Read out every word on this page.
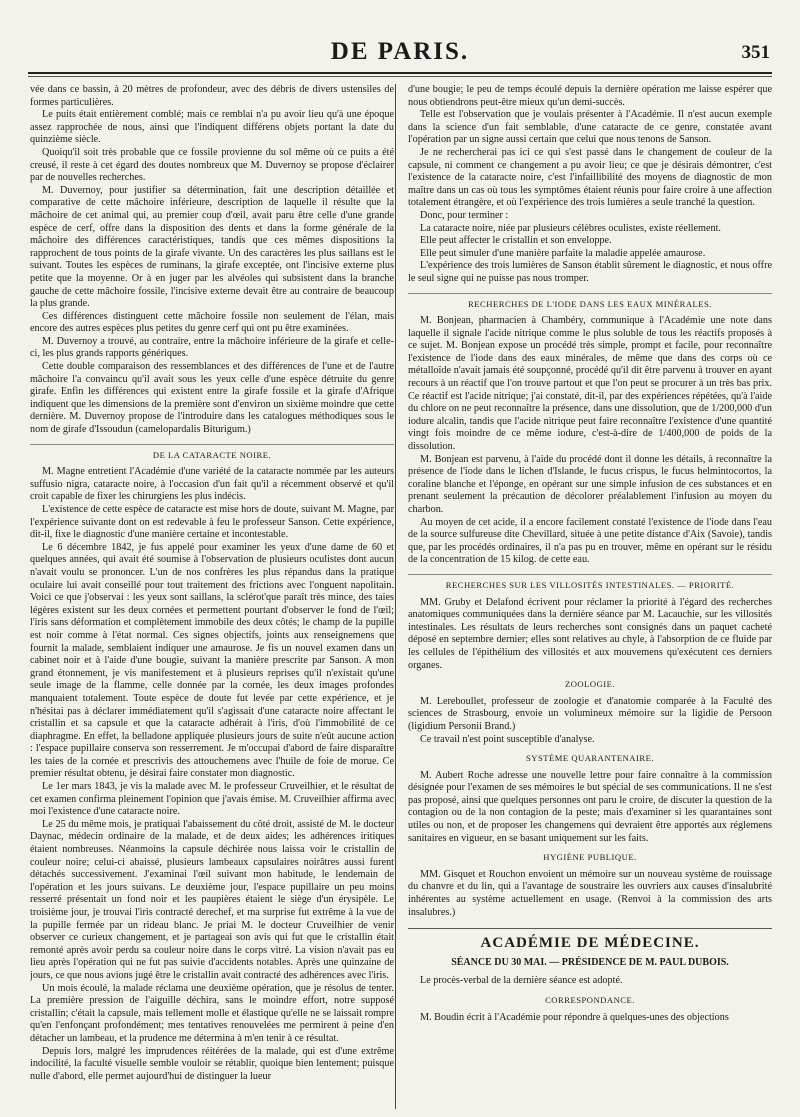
DE PARIS.	351

vée dans ce bassin, à 20 mètres de profondeur, avec des débris de divers ustensiles de formes particulières.

Le puits était entièrement comblé; mais ce remblai n'a pu avoir lieu qu'à une époque assez rapprochée de nous, ainsi que l'indiquent différens objets portant la date du quinzième siècle.

Quoiqu'il soit très probable que ce fossile provienne du sol même où ce puits a été creusé, il reste à cet égard des doutes nombreux que M. Duvernoy se propose d'éclairer par de nouvelles recherches.

M. Duvernoy, pour justifier sa détermination, fait une description détaillée et comparative de cette mâchoire inférieure, description de laquelle il résulte que la mâchoire de cet animal qui, au premier coup d'œil, avait paru être celle d'une grande espèce de cerf, offre dans la disposition des dents et dans la forme générale de la mâchoire des différences caractéristiques, tandis que ces mêmes dispositions la rapprochent de tous points de la girafe vivante. Un des caractères les plus saillans est le suivant. Toutes les espèces de ruminans, la girafe exceptée, ont l'incisive externe plus petite que la moyenne. Or à en juger par les alvéoles qui subsistent dans la branche gauche de cette mâchoire fossile, l'incisive externe devait être au contraire de beaucoup la plus grande.

Ces différences distinguent cette mâchoire fossile non seulement de l'élan, mais encore des autres espèces plus petites du genre cerf qui ont pu être examinées.

M. Duvernoy a trouvé, au contraire, entre la mâchoire inférieure de la girafe et celle-ci, les plus grands rapports génériques.

Cette double comparaison des ressemblances et des différences de l'une et de l'autre mâchoire l'a convaincu qu'il avait sous les yeux celle d'une espèce détruite du genre girafe. Enfin les différences qui existent entre la girafe fossile et la girafe d'Afrique indiquent que les dimensions de la première sont d'environ un sixième moindre que cette dernière. M. Duvernoy propose de l'introduire dans les catalogues méthodiques sous le nom de girafe d'Issoudun (camelopardalis Biturigum.)

DE LA CATARACTE NOIRE.

M. Magne entretient l'Académie d'une variété de la cataracte nommée par les auteurs suffusio nigra, cataracte noire, à l'occasion d'un fait qu'il a récemment observé et qu'il croit capable de fixer les chirurgiens les plus indécis.

L'existence de cette espèce de cataracte est mise hors de doute, suivant M. Magne, par l'expérience suivante dont on est redevable à feu le professeur Sanson. Cette expérience, dit-il, fixe le diagnostic d'une manière certaine et incontestable.

Le 6 décembre 1842, je fus appelé pour examiner les yeux d'une dame de 60 et quelques années, qui avait été soumise à l'observation de plusieurs oculistes dont aucun n'avait voulu se prononcer. L'un de nos confrères les plus répandus dans la pratique oculaire lui avait conseillé pour tout traitement des frictions avec l'onguent napolitain. Voici ce que j'observai : les yeux sont saillans, la sclérot'que paraît très mince, des taies légères existent sur les deux cornées et permettent pourtant d'observer le fond de l'œil; l'iris sans déformation et complètement immobile des deux côtés; le champ de la pupille est noir comme à l'état normal. Ces signes objectifs, joints aux renseignemens que fournit la malade, semblaient indiquer une amaurose. Je fis un nouvel examen dans un cabinet noir et à l'aide d'une bougie, suivant la manière prescrite par Sanson. A mon grand étonnement, je vis manifestement et à plusieurs reprises qu'il n'existait qu'une seule image de la flamme, celle donnée par la cornée, les deux images profondes manquaient totalement. Toute espèce de doute fut levée par cette expérience, et je n'hésitai pas à déclarer immédiatement qu'il s'agissait d'une cataracte noire affectant le cristallin et sa capsule et que la cataracte adhérait à l'iris, d'où l'immobilité de ce diaphragme. En effet, la belladone appliquée plusieurs jours de suite n'eût aucune action : l'espace pupillaire conserva son resserrement. Je m'occupai d'abord de faire disparaître les taies de la cornée et prescrivis des attouchemens avec l'huile de foie de morue. Ce premier résultat obtenu, je désirai faire constater mon diagnostic.

Le 1er mars 1843, je vis la malade avec M. le professeur Cruveilhier, et le résultat de cet examen confirma pleinement l'opinion que j'avais émise. M. Cruveilhier affirma avec moi l'existence d'une cataracte noire.

Le 25 du même mois, je pratiquai l'abaissement du côté droit, assisté de M. le docteur Daynac, médecin ordinaire de la malade, et de deux aides; les adhérences iritiques étaient nombreuses. Néanmoins la capsule déchirée nous laissa voir le cristallin de couleur noire; celui-ci abaissé, plusieurs lambeaux capsulaires noirâtres aussi furent détachés successivement. J'examinai l'œil suivant mon habitude, le lendemain de l'opération et les jours suivans. Le deuxième jour, l'espace pupillaire un peu moins resserré présentait un fond noir et les paupières étaient le siège d'un érysipèle. Le troisième jour, je trouvai l'iris contracté derechef, et ma surprise fut extrême à la vue de la pupille fermée par un rideau blanc. Je priai M. le docteur Cruveilhier de venir observer ce curieux changement, et je partageai son avis qui fut que le cristallin était remonté après avoir perdu sa couleur noire dans le corps vitré. La vision n'avait pas eu lieu après l'opération qui ne fut pas suivie d'accidents notables. Après une quinzaine de jours, ce que nous avions jugé être le cristallin avait contracté des adhérences avec l'iris.

Un mois écoulé, la malade réclama une deuxième opération, que je résolus de tenter. La première pression de l'aiguille déchira, sans le moindre effort, notre supposé cristallin; c'était la capsule, mais tellement molle et élastique qu'elle ne se laissait rompre qu'en l'enfonçant profondément; mes tentatives renouvelées me permirent à peine d'en détacher un lambeau, et la prudence me détermina à m'en tenir à ce résultat.

Depuis lors, malgré les imprudences réitérées de la malade, qui est d'une extrême indocilité, la faculté visuelle semble vouloir se rétablir, quoique bien lentement; puisque nulle d'abord, elle permet aujourd'hui de distinguer la lueur

d'une bougie; le peu de temps écoulé depuis la dernière opération me laisse espérer que nous obtiendrons peut-être mieux qu'un demi-succès.

Telle est l'observation que je voulais présenter à l'Académie. Il n'est aucun exemple dans la science d'un fait semblable, d'une cataracte de ce genre, constatée avant l'opération par un signe aussi certain que celui que nous tenons de Sanson.

Je ne rechercherai pas ici ce qui s'est passé dans le changement de couleur de la capsule, ni comment ce changement a pu avoir lieu; ce que je désirais démontrer, c'est l'existence de la cataracte noire, c'est l'infaillibilité des moyens de diagnostic de mon maître dans un cas où tous les symptômes étaient réunis pour faire croire à une affection totalement étrangère, et où l'expérience des trois lumières a seule tranché la question.

Donc, pour terminer :

La cataracte noire, niée par plusieurs célèbres oculistes, existe réellement.

Elle peut affecter le cristallin et son enveloppe.

Elle peut simuler d'une manière parfaite la maladie appelée amaurose.

L'expérience des trois lumières de Sanson établit sûrement le diagnostic, et nous offre le seul signe qui ne puisse pas nous tromper.

RECHERCHES DE L'IODE DANS LES EAUX MINÉRALES.

M. Bonjean, pharmacien à Chambéry, communique à l'Académie une note dans laquelle il signale l'acide nitrique comme le plus soluble de tous les réactifs proposés à ce sujet. M. Bonjean expose un procédé très simple, prompt et facile, pour reconnaître l'existence de l'iode dans des eaux minérales, de même que dans des corps où ce métalloïde n'avait jamais été soupçonné, procédé qu'il dit être parvenu à trouver en ayant recours à un réactif que l'on trouve partout et que l'on peut se procurer à un très bas prix. Ce réactif est l'acide nitrique; j'ai constaté, dit-il, par des expériences répétées, qu'à l'aide du chlore on ne peut reconnaître la présence, dans une dissolution, que de 1/200,000 d'un iodure alcalin, tandis que l'acide nitrique peut faire reconnaître l'existence d'une quantité vingt fois moindre de ce même iodure, c'est-à-dire de 1/400,000 de poids de la dissolution.

M. Bonjean est parvenu, à l'aide du procédé dont il donne les détails, à reconnaître la présence de l'iode dans le lichen d'Islande, le fucus crispus, le fucus helmintocortos, la coraline blanche et l'éponge, en opérant sur une simple infusion de ces substances et en prenant seulement la précaution de décolorer préalablement l'infusion au moyen du charbon.

Au moyen de cet acide, il a encore facilement constaté l'existence de l'iode dans l'eau de la source sulfureuse dite Chevillard, située à une petite distance d'Aix (Savoie), tandis que, par les procédés ordinaires, il n'a pas pu en trouver, même en opérant sur le résidu de la concentration de 15 kilog. de cette eau.

RECHERCHES SUR LES VILLOSITÉS INTESTINALES. — PRIORITÉ.

MM. Gruby et Delafond écrivent pour réclamer la priorité à l'égard des recherches anatomiques communiquées dans la dernière séance par M. Lacauchie, sur les villosités intestinales. Les résultats de leurs recherches sont consignés dans un paquet cacheté déposé en septembre dernier; elles sont relatives au chyle, à l'absorption de ce fluide par les cellules de l'épithélium des villosités et aux mouvemens qu'exécutent ces derniers organes.

ZOOLOGIE.

M. Lereboullet, professeur de zoologie et d'anatomie comparée à la Faculté des sciences de Strasbourg, envoie un volumineux mémoire sur la ligidie de Persoon (ligidium Personii Brand.)

Ce travail n'est point susceptible d'analyse.

SYSTÈME QUARANTENAIRE.

M. Aubert Roche adresse une nouvelle lettre pour faire connaître à la commission désignée pour l'examen de ses mémoires le but spécial de ses communications. Il ne s'est pas proposé, ainsi que quelques personnes ont paru le croire, de discuter la question de la contagion ou de la non contagion de la peste; mais d'examiner si les quarantaines sont utiles ou non, et de proposer les changemens qui devraient être apportés aux réglemens sanitaires en vigueur, en se basant uniquement sur les faits.

HYGIÈNE PUBLIQUE.

MM. Gisquet et Rouchon envoient un mémoire sur un nouveau système de rouissage du chanvre et du lin, qui a l'avantage de soustraire les ouvriers aux causes d'insalubrité inhérentes au système actuellement en usage. (Renvoi à la commission des arts insalubres.)

ACADÉMIE DE MÉDECINE.
SÉANCE DU 30 MAI. — PRÉSIDENCE DE M. PAUL DUBOIS.

Le procès-verbal de la dernière séance est adopté.

CORRESPONDANCE.

M. Boudin écrit à l'Académie pour répondre à quelques-unes des objections
